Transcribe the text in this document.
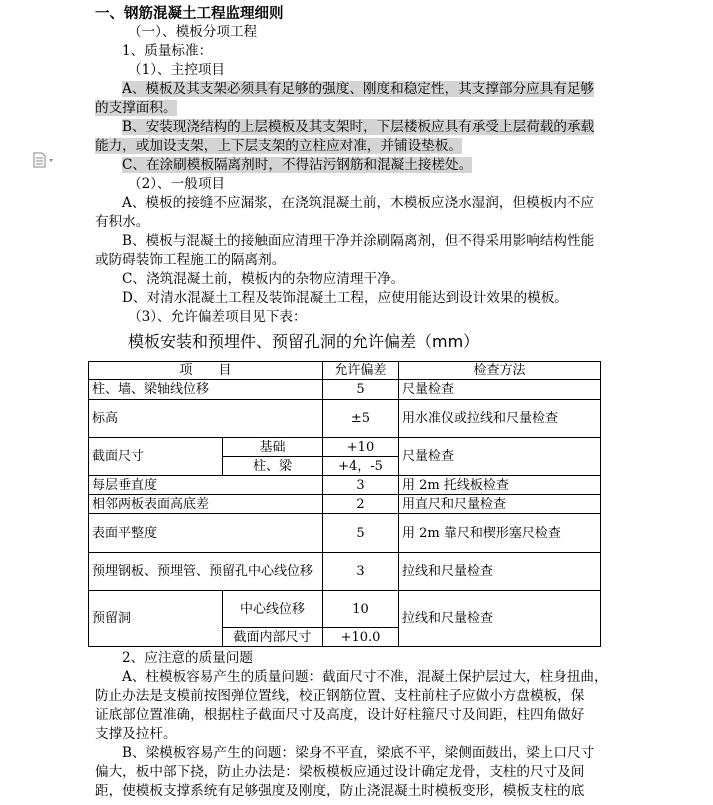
一、钢筋混凝土工程监理细则
（一）、模板分项工程
1、质量标准：
（1）、主控项目
A、模板及其支架必须具有足够的强度、刚度和稳定性，其支撑部分应具有足够
的支撑面积。
B、安装现浇结构的上层模板及其支架时，下层楼板应具有承受上层荷载的承载
能力，或加设支架，上下层支架的立柱应对准，并铺设垫板。
C、在涂刷模板隔离剂时，不得沾污钢筋和混凝土接槎处。
（2）、一般项目
A、模板的接缝不应漏浆，在浇筑混凝土前，木模板应浇水湿润，但模板内不应
有积水。
B、模板与混凝土的接触面应清理干净并涂刷隔离剂，但不得采用影响结构性能
或防碍装饰工程施工的隔离剂。
C、浇筑混凝土前，模板内的杂物应清理干净。
D、对清水混凝土工程及装饰混凝土工程，应使用能达到设计效果的模板。
（3）、允许偏差项目见下表：
模板安装和预埋件、预留孔洞的允许偏差（mm）
项　　目		允许偏差	检查方法
柱、墙、梁轴线位移		5	尺量检查
标高		±5	用水准仪或拉线和尺量检查
截面尺寸	基础	+10	尺量检查
	柱、梁	+4，-5	
每层垂直度		3	用 2m 托线板检查
相邻两板表面高底差		2	用直尺和尺量检查
表面平整度		5	用 2m 靠尺和楔形塞尺检查
预埋钢板、预埋管、预留孔中心线位移		3	拉线和尺量检查
预留洞	中心线位移	10	拉线和尺量检查
	截面内部尺寸	+10.0	
2、应注意的质量问题
A、柱模板容易产生的质量问题：截面尺寸不准，混凝土保护层过大，柱身扭曲，
防止办法是支模前按图弹位置线，校正钢筋位置、支柱前柱子应做小方盘模板，保
证底部位置准确，根据柱子截面尺寸及高度，设计好柱箍尺寸及间距，柱四角做好
支撑及拉杆。
B、梁模板容易产生的问题：梁身不平直，梁底不平，梁侧面鼓出，梁上口尺寸
偏大，板中部下挠，防止办法是：梁板模板应通过设计确定龙骨，支柱的尺寸及间
距，使模板支撑系统有足够强度及刚度，防止浇混凝土时模板变形，模板支柱的底
